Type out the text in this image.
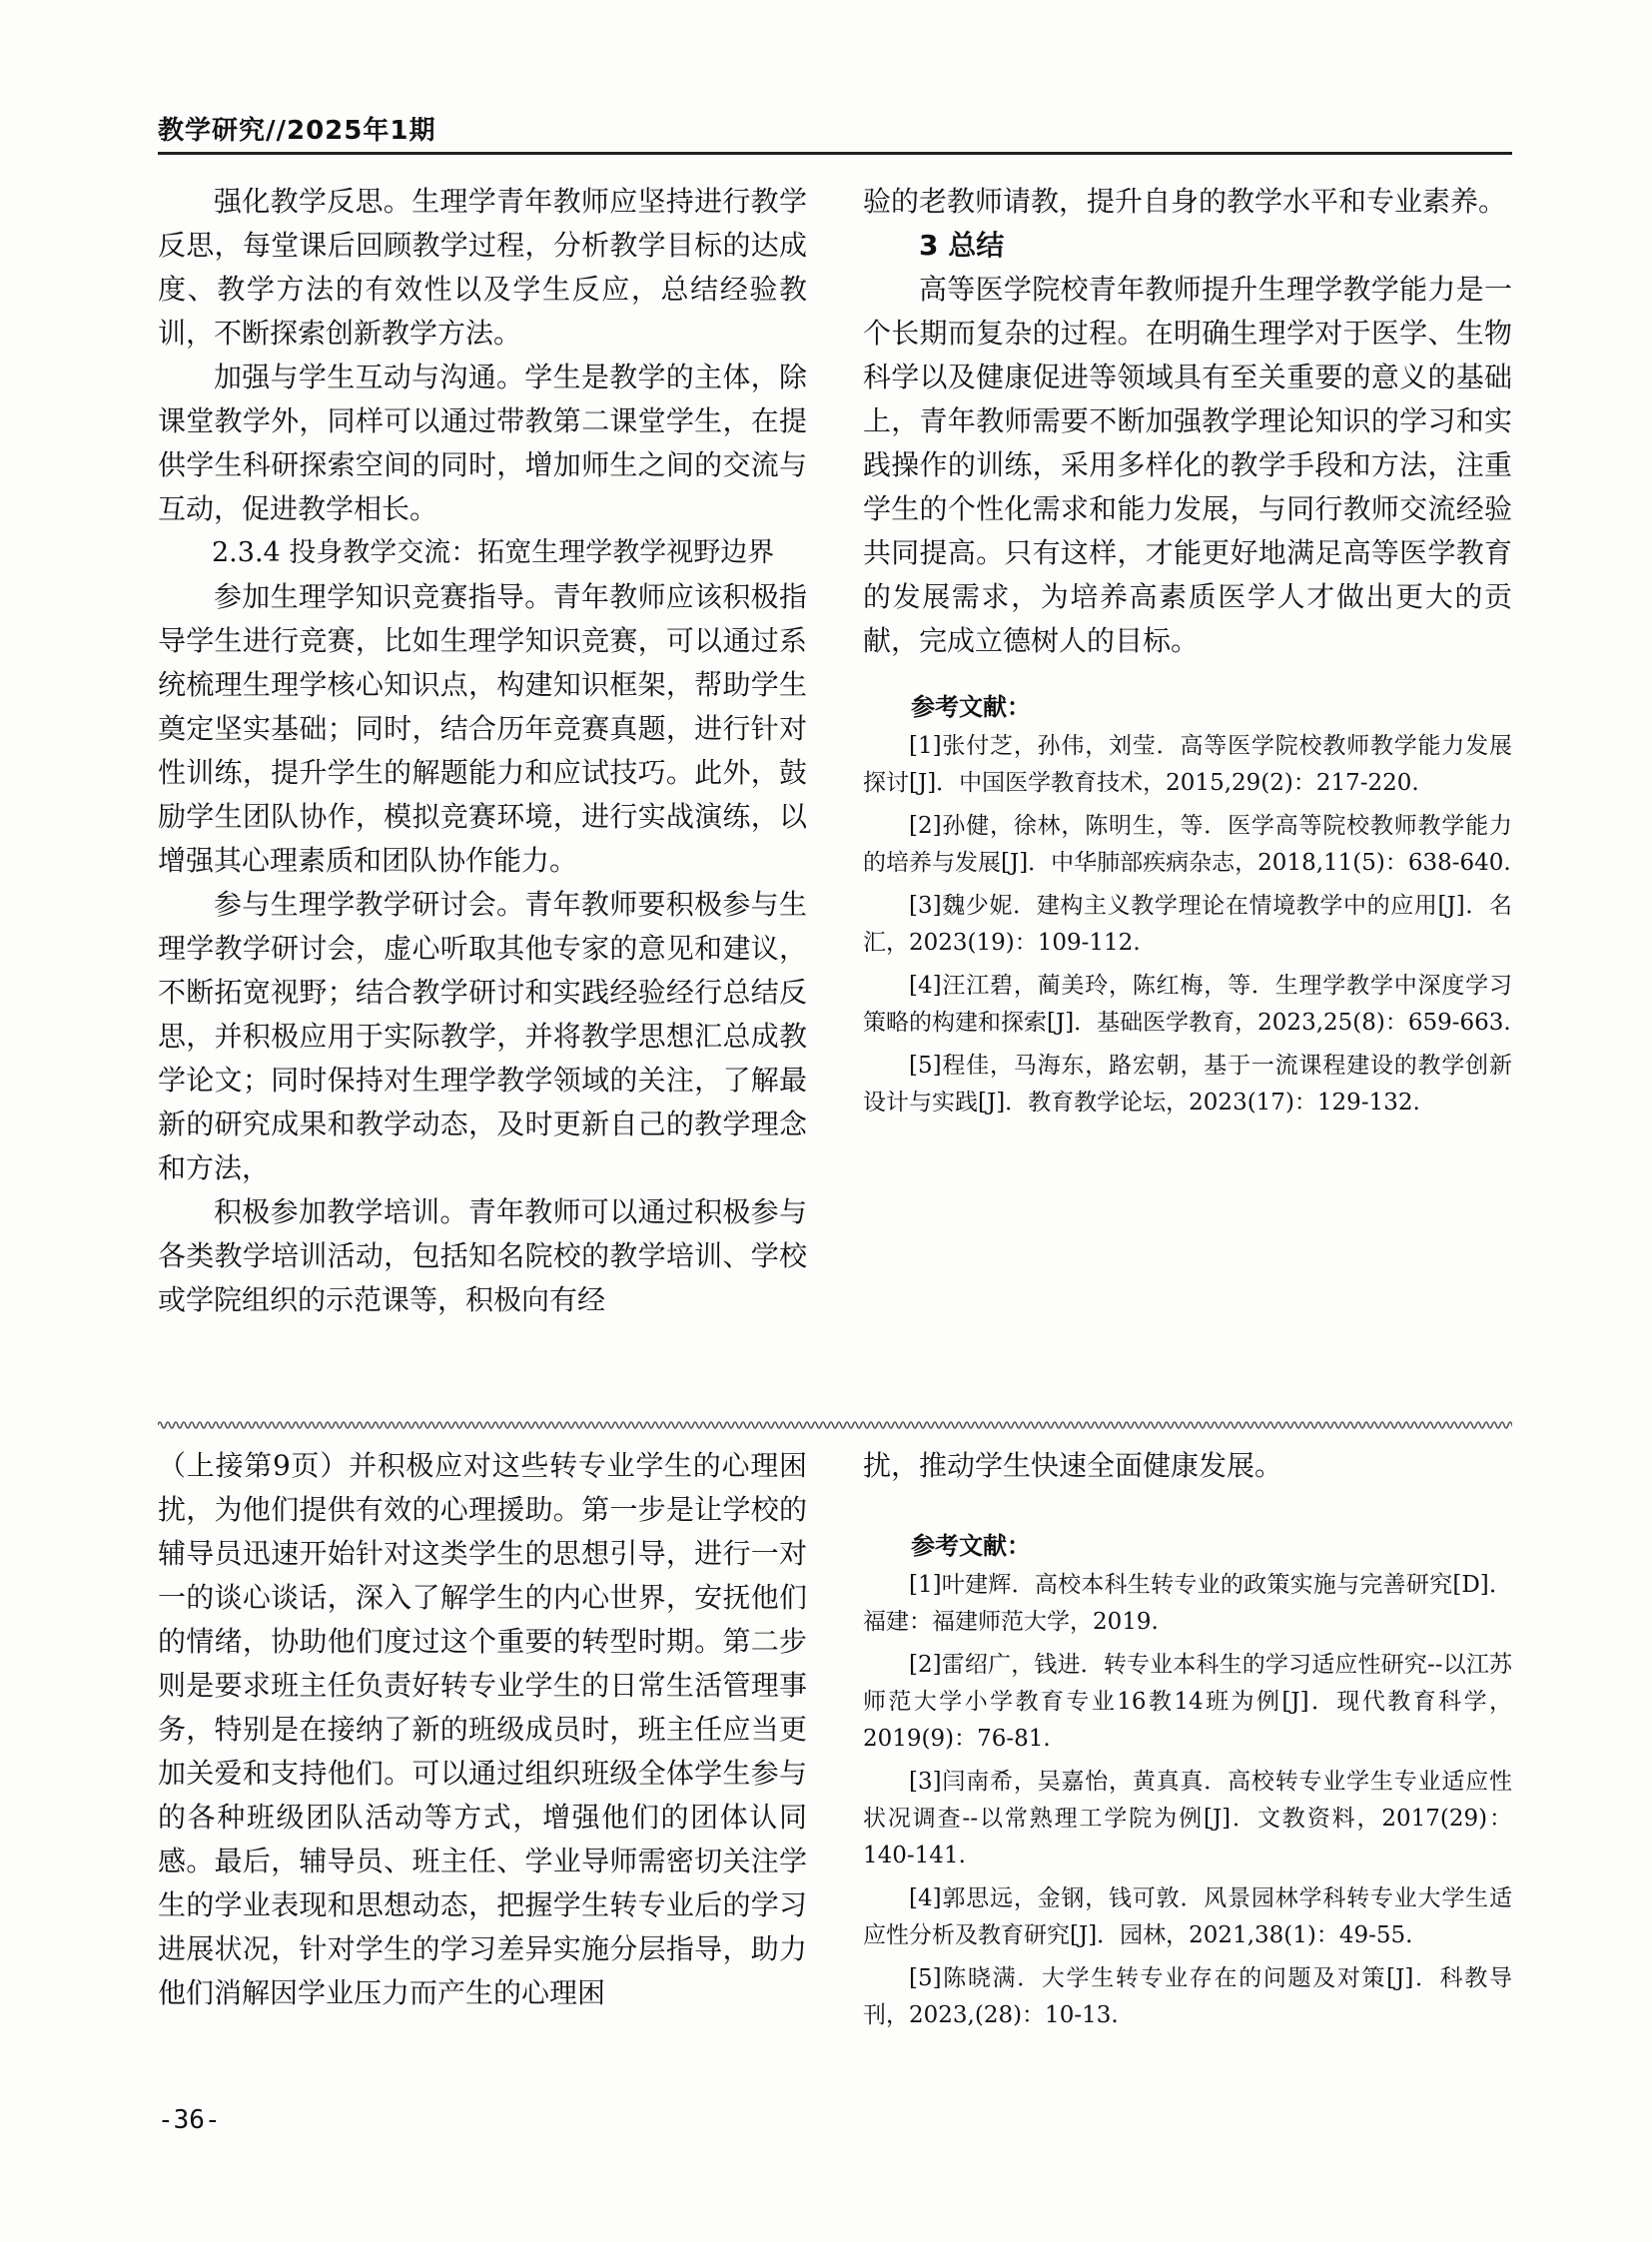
教学研究//2025年1期

强化教学反思。生理学青年教师应坚持进行教学反思，每堂课后回顾教学过程，分析教学目标的达成度、教学方法的有效性以及学生反应，总结经验教训，不断探索创新教学方法。

加强与学生互动与沟通。学生是教学的主体，除课堂教学外，同样可以通过带教第二课堂学生，在提供学生科研探索空间的同时，增加师生之间的交流与互动，促进教学相长。

2.3.4 投身教学交流：拓宽生理学教学视野边界

参加生理学知识竞赛指导。青年教师应该积极指导学生进行竞赛，比如生理学知识竞赛，可以通过系统梳理生理学核心知识点，构建知识框架，帮助学生奠定坚实基础；同时，结合历年竞赛真题，进行针对性训练，提升学生的解题能力和应试技巧。此外，鼓励学生团队协作，模拟竞赛环境，进行实战演练，以增强其心理素质和团队协作能力。

参与生理学教学研讨会。青年教师要积极参与生理学教学研讨会，虚心听取其他专家的意见和建议，不断拓宽视野；结合教学研讨和实践经验经行总结反思，并积极应用于实际教学，并将教学思想汇总成教学论文；同时保持对生理学教学领域的关注，了解最新的研究成果和教学动态，及时更新自己的教学理念和方法，

积极参加教学培训。青年教师可以通过积极参与各类教学培训活动，包括知名院校的教学培训、学校或学院组织的示范课等，积极向有经

验的老教师请教，提升自身的教学水平和专业素养。

3 总结

高等医学院校青年教师提升生理学教学能力是一个长期而复杂的过程。在明确生理学对于医学、生物科学以及健康促进等领域具有至关重要的意义的基础上，青年教师需要不断加强教学理论知识的学习和实践操作的训练，采用多样化的教学手段和方法，注重学生的个性化需求和能力发展，与同行教师交流经验共同提高。只有这样，才能更好地满足高等医学教育的发展需求，为培养高素质医学人才做出更大的贡献，完成立德树人的目标。

参考文献：

[1]张付芝，孙伟，刘莹．高等医学院校教师教学能力发展探讨[J]．中国医学教育技术，2015,29(2)：217-220.

[2]孙健，徐林，陈明生，等．医学高等院校教师教学能力的培养与发展[J]．中华肺部疾病杂志，2018,11(5)：638-640.

[3]魏少妮．建构主义教学理论在情境教学中的应用[J]．名汇，2023(19)：109-112.

[4]汪江碧，蔺美玲，陈红梅，等．生理学教学中深度学习策略的构建和探索[J]．基础医学教育，2023,25(8)：659-663.

[5]程佳，马海东，路宏朝，基于一流课程建设的教学创新设计与实践[J]．教育教学论坛，2023(17)：129-132.

（上接第9页）并积极应对这些转专业学生的心理困扰，为他们提供有效的心理援助。第一步是让学校的辅导员迅速开始针对这类学生的思想引导，进行一对一的谈心谈话，深入了解学生的内心世界，安抚他们的情绪，协助他们度过这个重要的转型时期。第二步则是要求班主任负责好转专业学生的日常生活管理事务，特别是在接纳了新的班级成员时，班主任应当更加关爱和支持他们。可以通过组织班级全体学生参与的各种班级团队活动等方式，增强他们的团体认同感。最后，辅导员、班主任、学业导师需密切关注学生的学业表现和思想动态，把握学生转专业后的学习进展状况，针对学生的学习差异实施分层指导，助力他们消解因学业压力而产生的心理困

扰，推动学生快速全面健康发展。

参考文献：

[1]叶建辉．高校本科生转专业的政策实施与完善研究[D]．福建：福建师范大学，2019.

[2]雷绍广，钱进．转专业本科生的学习适应性研究--以江苏师范大学小学教育专业16教14班为例[J]．现代教育科学，2019(9)：76-81.

[3]闫南希，吴嘉怡，黄真真．高校转专业学生专业适应性状况调查--以常熟理工学院为例[J]．文教资料，2017(29)：140-141.

[4]郭思远，金钢，钱可敦．风景园林学科转专业大学生适应性分析及教育研究[J]．园林，2021,38(1)：49-55.

[5]陈晓满．大学生转专业存在的问题及对策[J]．科教导刊，2023,(28)：10-13.

-36-
